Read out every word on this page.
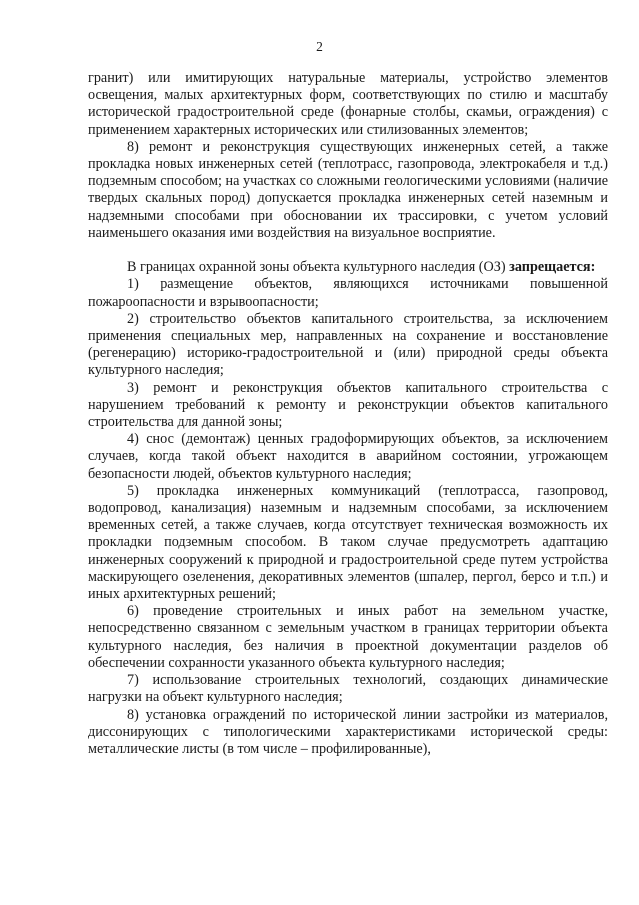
2

гранит) или имитирующих натуральные материалы, устройство элементов освещения, малых архитектурных форм, соответствующих по стилю и масштабу исторической градостроительной среде (фонарные столбы, скамьи, ограждения) с применением характерных исторических или стилизованных элементов;

8) ремонт и реконструкция существующих инженерных сетей, а также прокладка новых инженерных сетей (теплотрасс, газопровода, электрокабеля и т.д.) подземным способом; на участках со сложными геологическими условиями (наличие твердых скальных пород) допускается прокладка инженерных сетей наземным и надземными способами при обосновании их трассировки, с учетом условий наименьшего оказания ими воздействия на визуальное восприятие.

В границах охранной зоны объекта культурного наследия (ОЗ) запрещается:

1) размещение объектов, являющихся источниками повышенной пожароопасности и взрывоопасности;

2) строительство объектов капитального строительства, за исключением применения специальных мер, направленных на сохранение и восстановление (регенерацию) историко-градостроительной и (или) природной среды объекта культурного наследия;

3) ремонт и реконструкция объектов капитального строительства с нарушением требований к ремонту и реконструкции объектов капитального строительства для данной зоны;

4) снос (демонтаж) ценных градоформирующих объектов, за исключением случаев, когда такой объект находится в аварийном состоянии, угрожающем безопасности людей, объектов культурного наследия;

5) прокладка инженерных коммуникаций (теплотрасса, газопровод, водопровод, канализация) наземным и надземным способами, за исключением временных сетей, а также случаев, когда отсутствует техническая возможность их прокладки подземным способом. В таком случае предусмотреть адаптацию инженерных сооружений к природной и градостроительной среде путем устройства маскирующего озеленения, декоративных элементов (шпалер, пергол, берсо и т.п.) и иных архитектурных решений;

6) проведение строительных и иных работ на земельном участке, непосредственно связанном с земельным участком в границах территории объекта культурного наследия, без наличия в проектной документации разделов об обеспечении сохранности указанного объекта культурного наследия;

7) использование строительных технологий, создающих динамические нагрузки на объект культурного наследия;

8) установка ограждений по исторической линии застройки из материалов, диссонирующих с типологическими характеристиками исторической среды: металлические листы (в том числе – профилированные),
